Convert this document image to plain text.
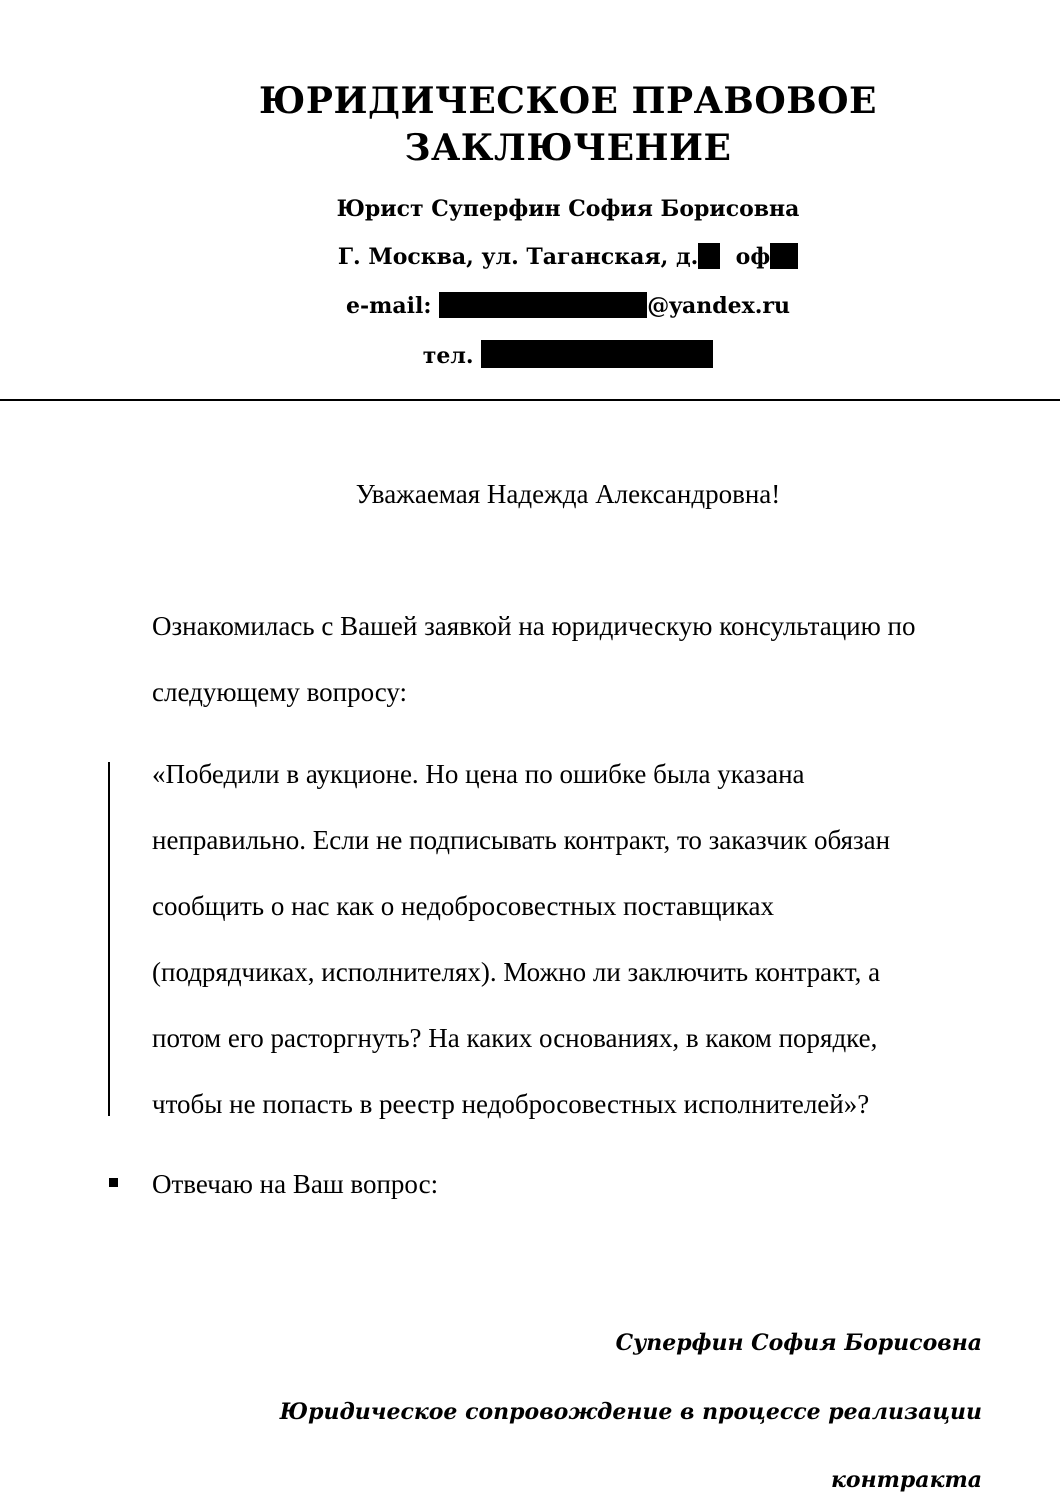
ЮРИДИЧЕСКОЕ ПРАВОВОЕ
ЗАКЛЮЧЕНИЕ
Юрист Суперфин София Борисовна
Г. Москва, ул. Таганская, д. оф
e-mail:	@yandex.ru
тел.
Уважаемая Надежда Александровна!
Ознакомилась с Вашей заявкой на юридическую консультацию по
следующему вопросу:
«Победили в аукционе. Но цена по ошибке была указана
неправильно. Если не подписывать контракт, то заказчик обязан
сообщить о нас как о недобросовестных поставщиках
(подрядчиках, исполнителях). Можно ли заключить контракт, а
потом его расторгнуть? На каких основаниях, в каком порядке,
чтобы не попасть в реестр недобросовестных исполнителей»?
Отвечаю на Ваш вопрос:
Суперфин София Борисовна
Юридическое сопровождение в процессе реализации
контракта
